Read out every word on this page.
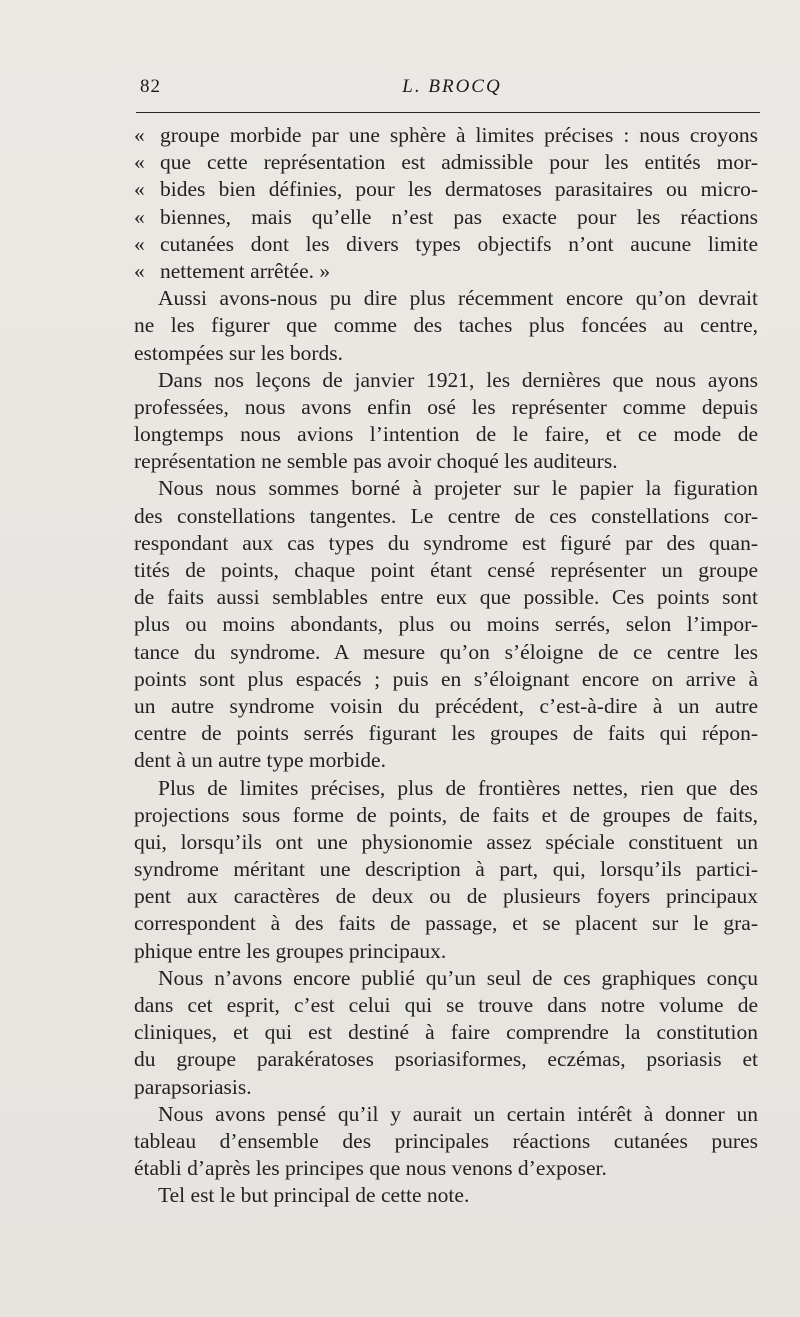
82	L. BROCQ
« groupe morbide par une sphère à limites précises : nous croyons
« que cette représentation est admissible pour les entités mor-
« bides bien définies, pour les dermatoses parasitaires ou micro-
« biennes, mais qu’elle n’est pas exacte pour les réactions
« cutanées dont les divers types objectifs n’ont aucune limite
« nettement arrêtée. »
Aussi avons-nous pu dire plus récemment encore qu’on devrait
ne les figurer que comme des taches plus foncées au centre,
estompées sur les bords.
Dans nos leçons de janvier 1921, les dernières que nous ayons
professées, nous avons enfin osé les représenter comme depuis
longtemps nous avions l’intention de le faire, et ce mode de
représentation ne semble pas avoir choqué les auditeurs.
Nous nous sommes borné à projeter sur le papier la figuration
des constellations tangentes. Le centre de ces constellations cor-
respondant aux cas types du syndrome est figuré par des quan-
tités de points, chaque point étant censé représenter un groupe
de faits aussi semblables entre eux que possible. Ces points sont
plus ou moins abondants, plus ou moins serrés, selon l’impor-
tance du syndrome. A mesure qu’on s’éloigne de ce centre les
points sont plus espacés ; puis en s’éloignant encore on arrive à
un autre syndrome voisin du précédent, c’est-à-dire à un autre
centre de points serrés figurant les groupes de faits qui répon-
dent à un autre type morbide.
Plus de limites précises, plus de frontières nettes, rien que des
projections sous forme de points, de faits et de groupes de faits,
qui, lorsqu’ils ont une physionomie assez spéciale constituent un
syndrome méritant une description à part, qui, lorsqu’ils partici-
pent aux caractères de deux ou de plusieurs foyers principaux
correspondent à des faits de passage, et se placent sur le gra-
phique entre les groupes principaux.
Nous n’avons encore publié qu’un seul de ces graphiques conçu
dans cet esprit, c’est celui qui se trouve dans notre volume de
cliniques, et qui est destiné à faire comprendre la constitution
du groupe parakératoses psoriasiformes, eczémas, psoriasis et
parapsoriasis.
Nous avons pensé qu’il y aurait un certain intérêt à donner un
tableau d’ensemble des principales réactions cutanées pures
établi d’après les principes que nous venons d’exposer.
Tel est le but principal de cette note.
